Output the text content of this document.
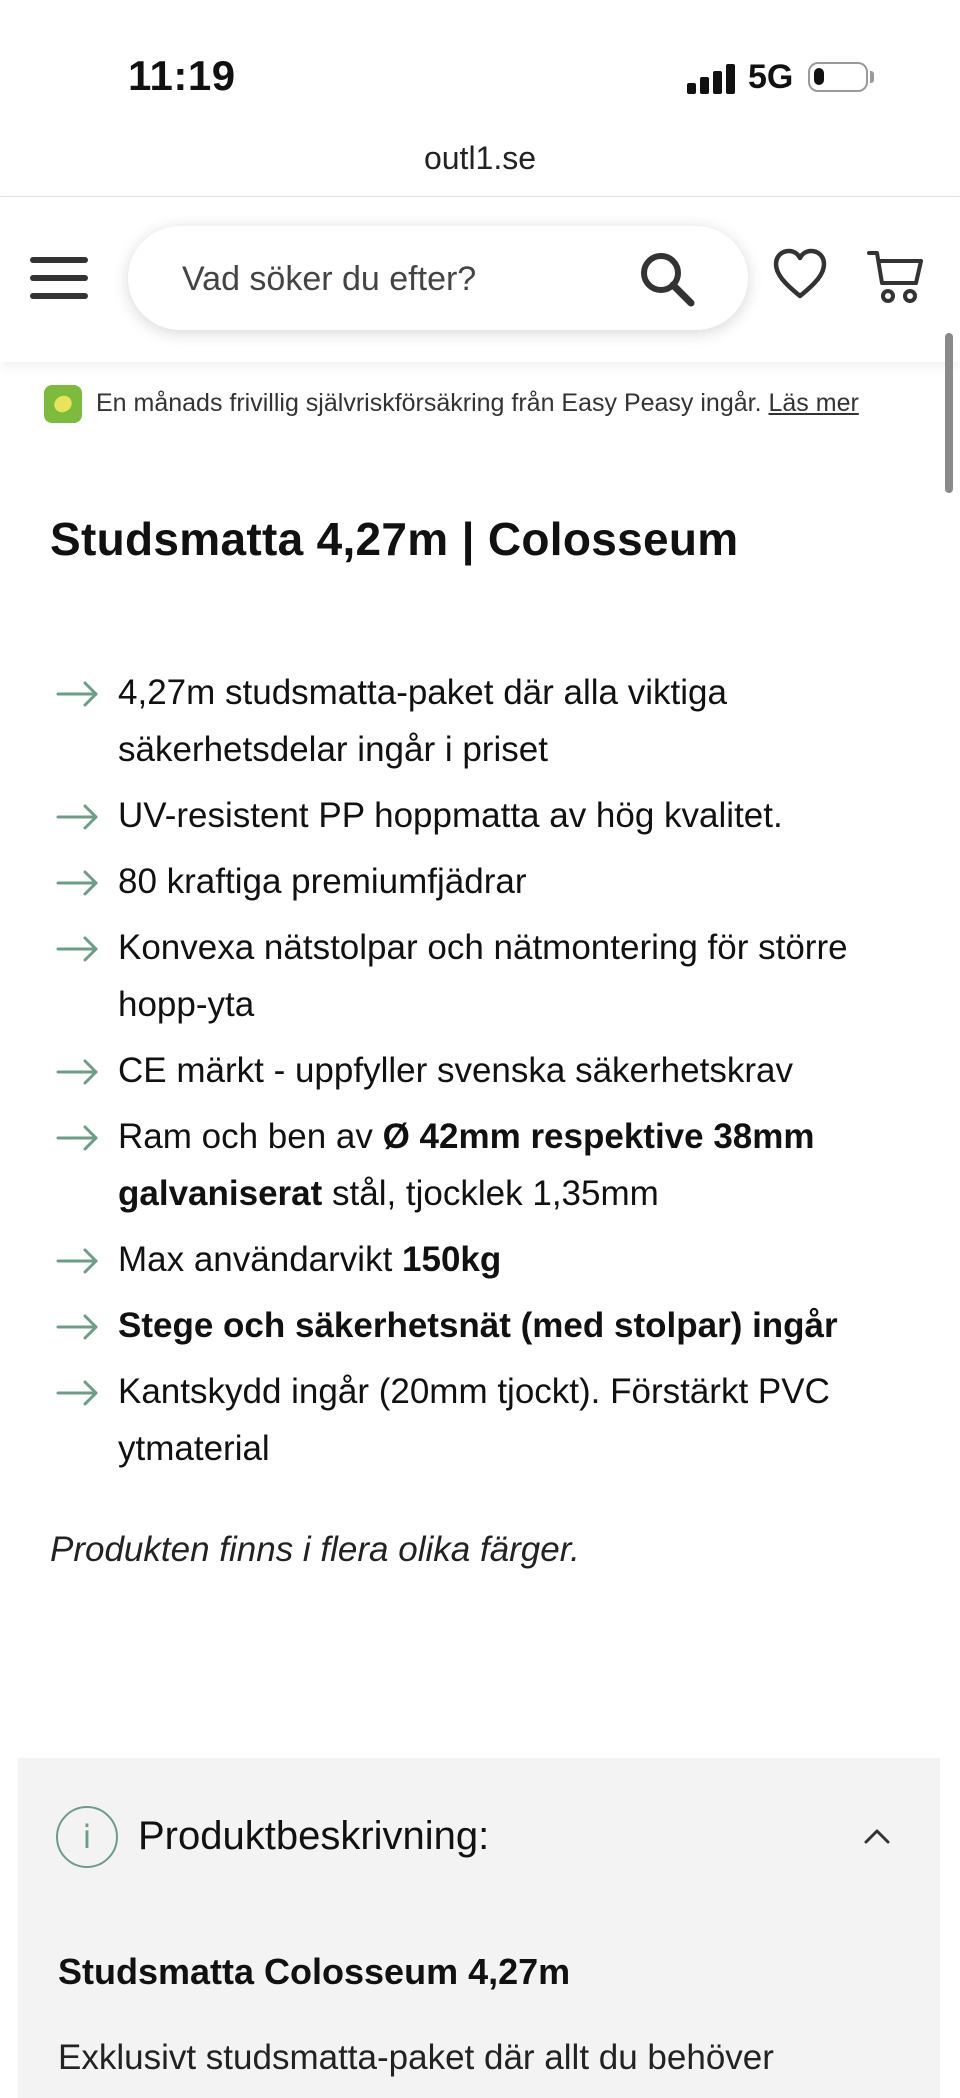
11:19	5G
outl1.se
Vad söker du efter?
En månads frivillig självriskförsäkring från Easy Peasy ingår. Läs mer
Studsmatta 4,27m | Colosseum
4,27m studsmatta-paket där alla viktiga säkerhetsdelar ingår i priset
UV-resistent PP hoppmatta av hög kvalitet.
80 kraftiga premiumfjädrar
Konvexa nätstolpar och nätmontering för större hopp-yta
CE märkt - uppfyller svenska säkerhetskrav
Ram och ben av Ø 42mm respektive 38mm galvaniserat stål, tjocklek 1,35mm
Max användarvikt 150kg
Stege och säkerhetsnät (med stolpar) ingår
Kantskydd ingår (20mm tjockt). Förstärkt PVC ytmaterial
Produkten finns i flera olika färger.
i Produktbeskrivning:
Studsmatta Colosseum 4,27m
Exklusivt studsmatta-paket där allt du behöver
